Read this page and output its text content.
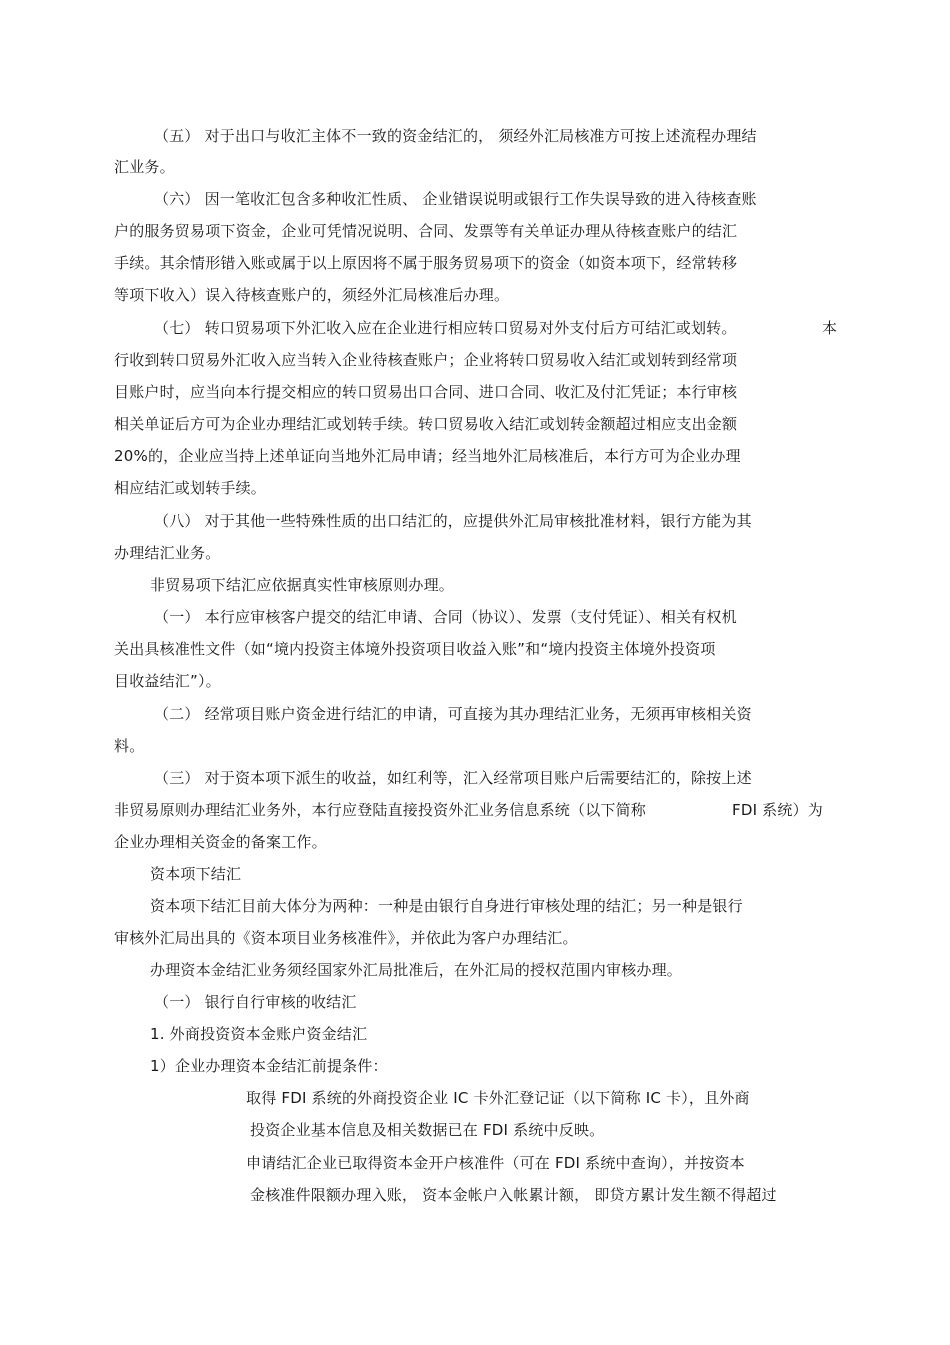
（五） 对于出口与收汇主体不一致的资金结汇的， 须经外汇局核准方可按上述流程办理结
汇业务。
（六） 因一笔收汇包含多种收汇性质、 企业错误说明或银行工作失误导致的进入待核查账
户的服务贸易项下资金，企业可凭情况说明、合同、发票等有关单证办理从待核查账户的结汇
手续。其余情形错入账或属于以上原因将不属于服务贸易项下的资金（如资本项下，经常转移
等项下收入）误入待核查账户的，须经外汇局核准后办理。
（七） 转口贸易项下外汇收入应在企业进行相应转口贸易对外支付后方可结汇或划转。	本
行收到转口贸易外汇收入应当转入企业待核查账户；企业将转口贸易收入结汇或划转到经常项
目账户时，应当向本行提交相应的转口贸易出口合同、进口合同、收汇及付汇凭证；本行审核
相关单证后方可为企业办理结汇或划转手续。转口贸易收入结汇或划转金额超过相应支出金额
20%的，企业应当持上述单证向当地外汇局申请；经当地外汇局核准后，本行方可为企业办理
相应结汇或划转手续。
（八） 对于其他一些特殊性质的出口结汇的，应提供外汇局审核批准材料，银行方能为其
办理结汇业务。
非贸易项下结汇应依据真实性审核原则办理。
（一） 本行应审核客户提交的结汇申请、合同（协议）、发票（支付凭证）、相关有权机
关出具核准性文件（如“境内投资主体境外投资项目收益入账”和“境内投资主体境外投资项
目收益结汇”）。
（二） 经常项目账户资金进行结汇的申请，可直接为其办理结汇业务，无须再审核相关资
料。
（三） 对于资本项下派生的收益，如红利等，汇入经常项目账户后需要结汇的，除按上述
非贸易原则办理结汇业务外，本行应登陆直接投资外汇业务信息系统（以下简称	FDI 系统）为
企业办理相关资金的备案工作。
资本项下结汇
资本项下结汇目前大体分为两种：一种是由银行自身进行审核处理的结汇；另一种是银行
审核外汇局出具的《资本项目业务核准件》，并依此为客户办理结汇。
办理资本金结汇业务须经国家外汇局批准后，在外汇局的授权范围内审核办理。
（一） 银行自行审核的收结汇
1. 外商投资资本金账户资金结汇
1）企业办理资本金结汇前提条件：
取得 FDI 系统的外商投资企业 IC 卡外汇登记证（以下简称 IC 卡），且外商
投资企业基本信息及相关数据已在 FDI 系统中反映。
申请结汇企业已取得资本金开户核准件（可在 FDI 系统中查询），并按资本
金核准件限额办理入账， 资本金帐户入帐累计额， 即贷方累计发生额不得超过
